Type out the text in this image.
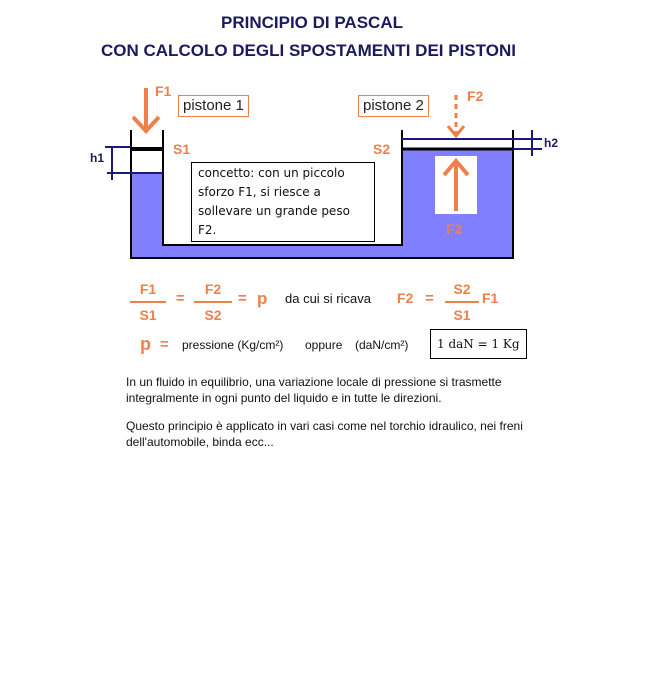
PRINCIPIO DI PASCAL
CON CALCOLO DEGLI SPOSTAMENTI DEI PISTONI
F1	F2
F2
pistone 1	pistone 2
S1	S2
h1
h2
concetto: con un piccolo
sforzo F1, si riesce a
sollevare un grande peso F2.
F1
S1
=
F2
S2
= p da cui si ricava F2 =
S2
S1
F1
p = pressione (Kg/cm²) oppure (daN/cm²)	1 daN = 1 Kg
In un fluido in equilibrio, una variazione locale di pressione si trasmette integralmente in ogni punto del liquido e in tutte le direzioni.
Questo principio è applicato in vari casi come nel torchio idraulico, nei freni dell'automobile, binda ecc...
